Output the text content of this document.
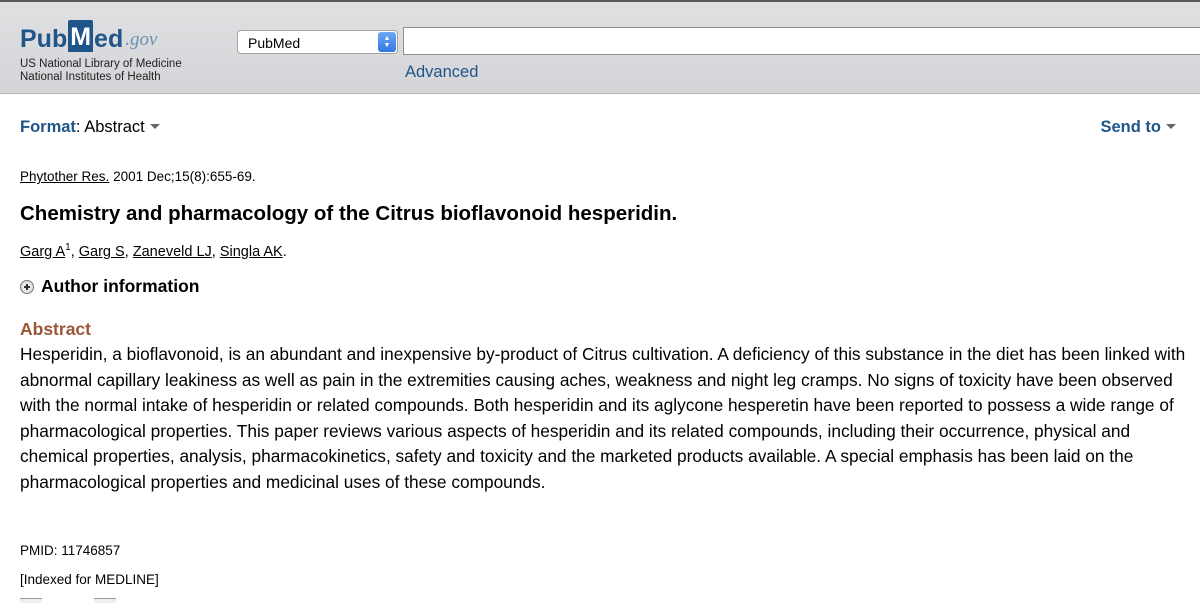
Pub M ed .gov
US National Library of Medicine
National Institutes of Health
PubMed	▲
▼
Advanced
Format: Abstract	Send to
Phytother Res. 2001 Dec;15(8):655-69.
Chemistry and pharmacology of the Citrus bioflavonoid hesperidin.
Garg $A^1$, Garg S, Zaneveld LJ, Singla AK.
Author information
Abstract
Hesperidin, a bioflavonoid, is an abundant and inexpensive by-product of Citrus cultivation. A deficiency of this substance in the diet has been linked with abnormal capillary leakiness as well as pain in the extremities causing aches, weakness and night leg cramps. No signs of toxicity have been observed with the normal intake of hesperidin or related compounds. Both hesperidin and its aglycone hesperetin have been reported to possess a wide range of pharmacological properties. This paper reviews various aspects of hesperidin and its related compounds, including their occurrence, physical and chemical properties, analysis, pharmacokinetics, safety and toxicity and the marketed products available. A special emphasis has been laid on the pharmacological properties and medicinal uses of these compounds.
PMID: 11746857
[Indexed for MEDLINE]
